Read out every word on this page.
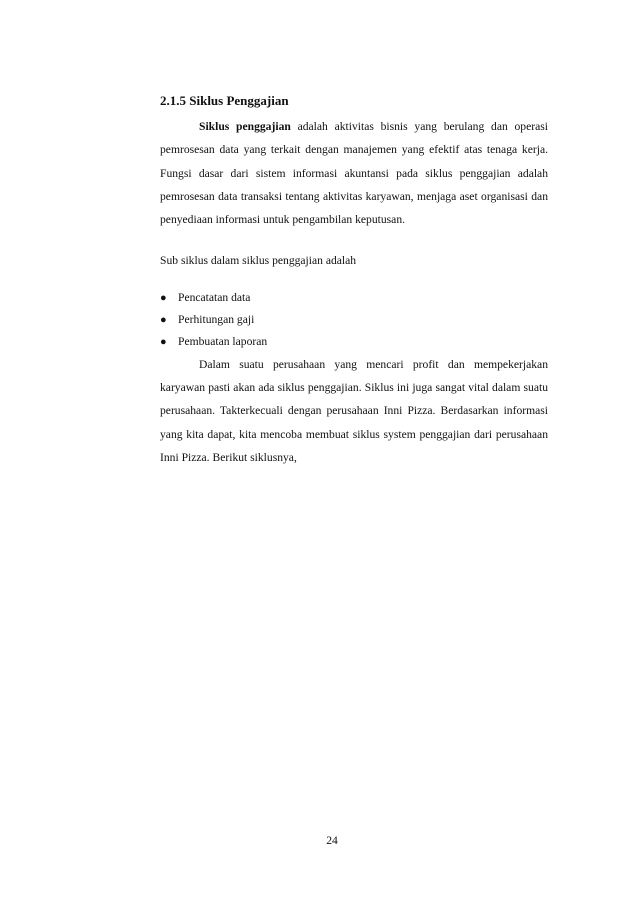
2.1.5 Siklus Penggajian

Siklus penggajian adalah aktivitas bisnis yang berulang dan operasi pemrosesan data yang terkait dengan manajemen yang efektif atas tenaga kerja. Fungsi dasar dari sistem informasi akuntansi pada siklus penggajian adalah pemrosesan data transaksi tentang aktivitas karyawan, menjaga aset organisasi dan penyediaan informasi untuk pengambilan keputusan.

Sub siklus dalam siklus penggajian adalah

● Pencatatan data
● Perhitungan gaji
● Pembuatan laporan

Dalam suatu perusahaan yang mencari profit dan mempekerjakan karyawan pasti akan ada siklus penggajian. Siklus ini juga sangat vital dalam suatu perusahaan. Takterkecuali dengan perusahaan Inni Pizza. Berdasarkan informasi yang kita dapat, kita mencoba membuat siklus system penggajian dari perusahaan Inni Pizza. Berikut siklusnya,

24
